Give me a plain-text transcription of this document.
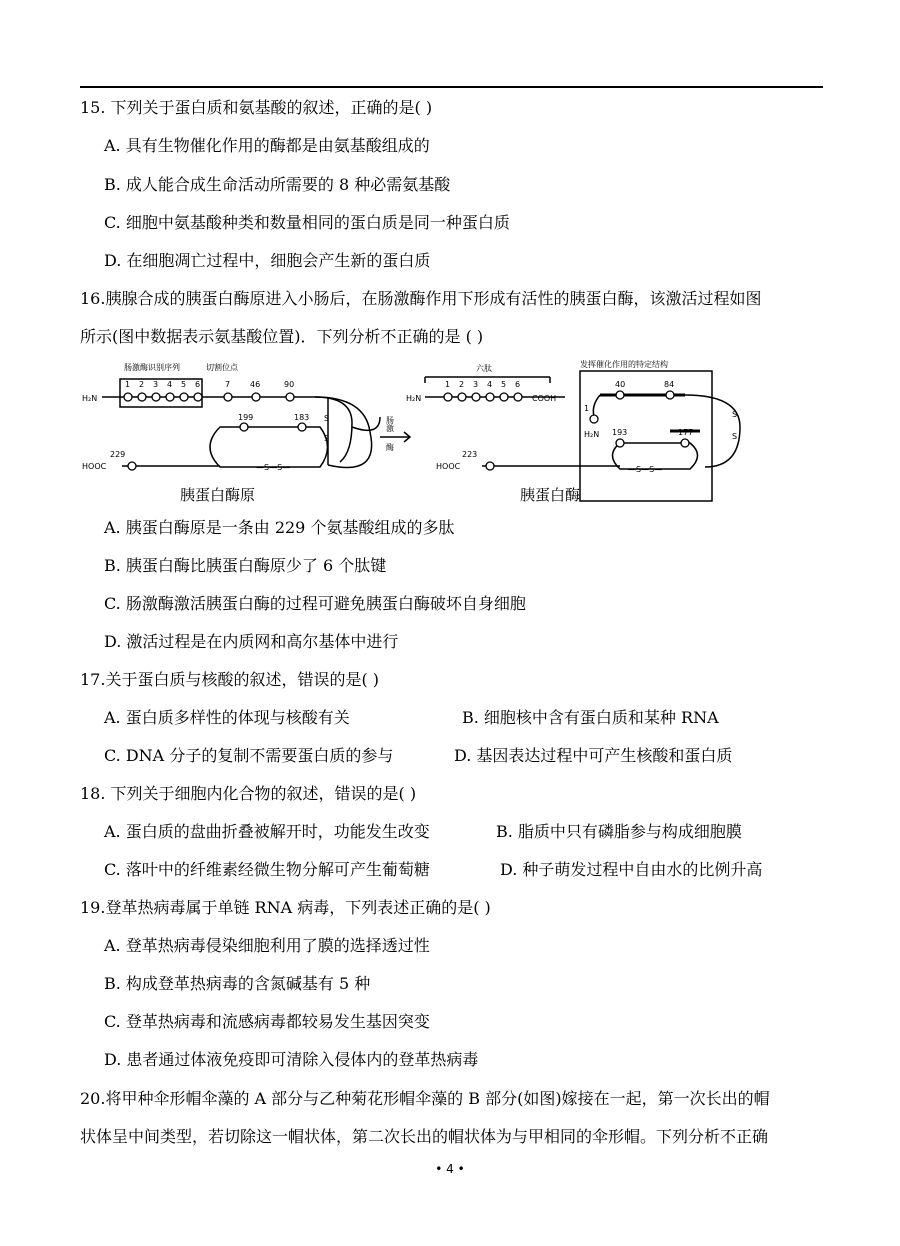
15. 下列关于蛋白质和氨基酸的叙述，正确的是( )
A. 具有生物催化作用的酶都是由氨基酸组成的
B. 成人能合成生命活动所需要的 8 种必需氨基酸
C. 细胞中氨基酸种类和数量相同的蛋白质是同一种蛋白质
D. 在细胞凋亡过程中，细胞会产生新的蛋白质
16.胰腺合成的胰蛋白酶原进入小肠后，在肠激酶作用下形成有活性的胰蛋白酶，该激活过程如图
所示(图中数据表示氨基酸位置)．下列分析不正确的是 ( )
肠激酶识别序列	切割位点
H₂N
1 2 3 4 5 6	7 46	90
199	183
229
HOOC	—S—S—
S
S
肠
激
酶
六肽
H₂N
1 2 3 4 5 6
COOH
发挥催化作用的特定结构
40	84
1
H₂N 193	177
223
HOOC	—S—S—
S
S
胰蛋白酶原	胰蛋白酶
A. 胰蛋白酶原是一条由 229 个氨基酸组成的多肽
B. 胰蛋白酶比胰蛋白酶原少了 6 个肽键
C. 肠激酶激活胰蛋白酶的过程可避免胰蛋白酶破坏自身细胞
D. 激活过程是在内质网和高尔基体中进行
17.关于蛋白质与核酸的叙述，错误的是( )
A. 蛋白质多样性的体现与核酸有关	B. 细胞核中含有蛋白质和某种 RNA
C. DNA 分子的复制不需要蛋白质的参与	D. 基因表达过程中可产生核酸和蛋白质
18. 下列关于细胞内化合物的叙述，错误的是( )
A. 蛋白质的盘曲折叠被解开时，功能发生改变	B. 脂质中只有磷脂参与构成细胞膜
C. 落叶中的纤维素经微生物分解可产生葡萄糖	D. 种子萌发过程中自由水的比例升高
19.登革热病毒属于单链 RNA 病毒，下列表述正确的是( )
A. 登革热病毒侵染细胞利用了膜的选择透过性
B. 构成登革热病毒的含氮碱基有 5 种
C. 登革热病毒和流感病毒都较易发生基因突变
D. 患者通过体液免疫即可清除入侵体内的登革热病毒
20.将甲种伞形帽伞藻的 A 部分与乙种菊花形帽伞藻的 B 部分(如图)嫁接在一起，第一次长出的帽
状体呈中间类型，若切除这一帽状体，第二次长出的帽状体为与甲相同的伞形帽。下列分析不正确
• 4 •
